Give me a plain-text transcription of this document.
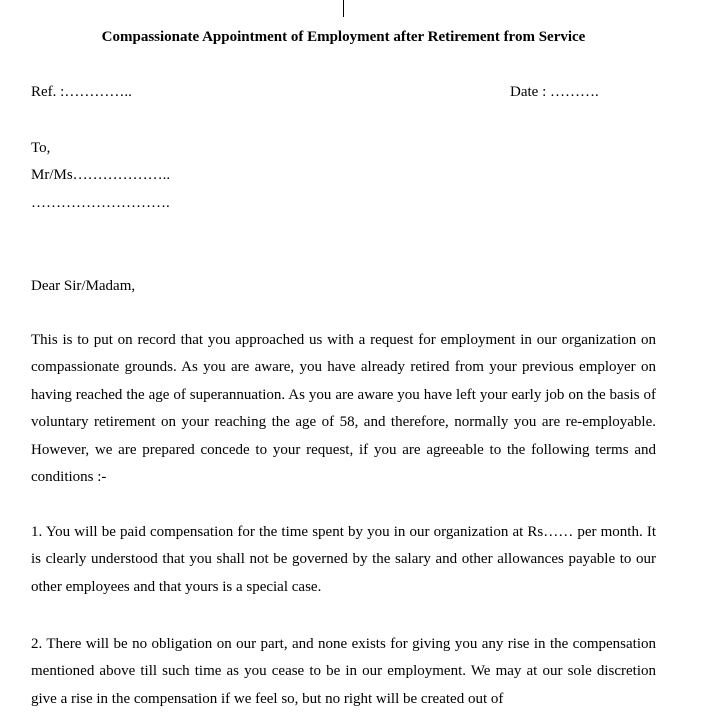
Compassionate Appointment of Employment after Retirement from Service
Ref. :…………..	Date : ……….
To,
Mr/Ms………………..
……………………….
Dear Sir/Madam,

This is to put on record that you approached us with a request for employment in our organization on compassionate grounds. As you are aware, you have already retired from your previous employer on having reached the age of superannuation. As you are aware you have left your early job on the basis of voluntary retirement on your reaching the age of 58, and therefore, normally you are re-employable. However, we are prepared concede to your request, if you are agreeable to the following terms and conditions :-

1. You will be paid compensation for the time spent by you in our organization at Rs…… per month. It is clearly understood that you shall not be governed by the salary and other allowances payable to our other employees and that yours is a special case.

2. There will be no obligation on our part, and none exists for giving you any rise in the compensation mentioned above till such time as you cease to be in our employment. We may at our sole discretion give a rise in the compensation if we feel so, but no right will be created out of
